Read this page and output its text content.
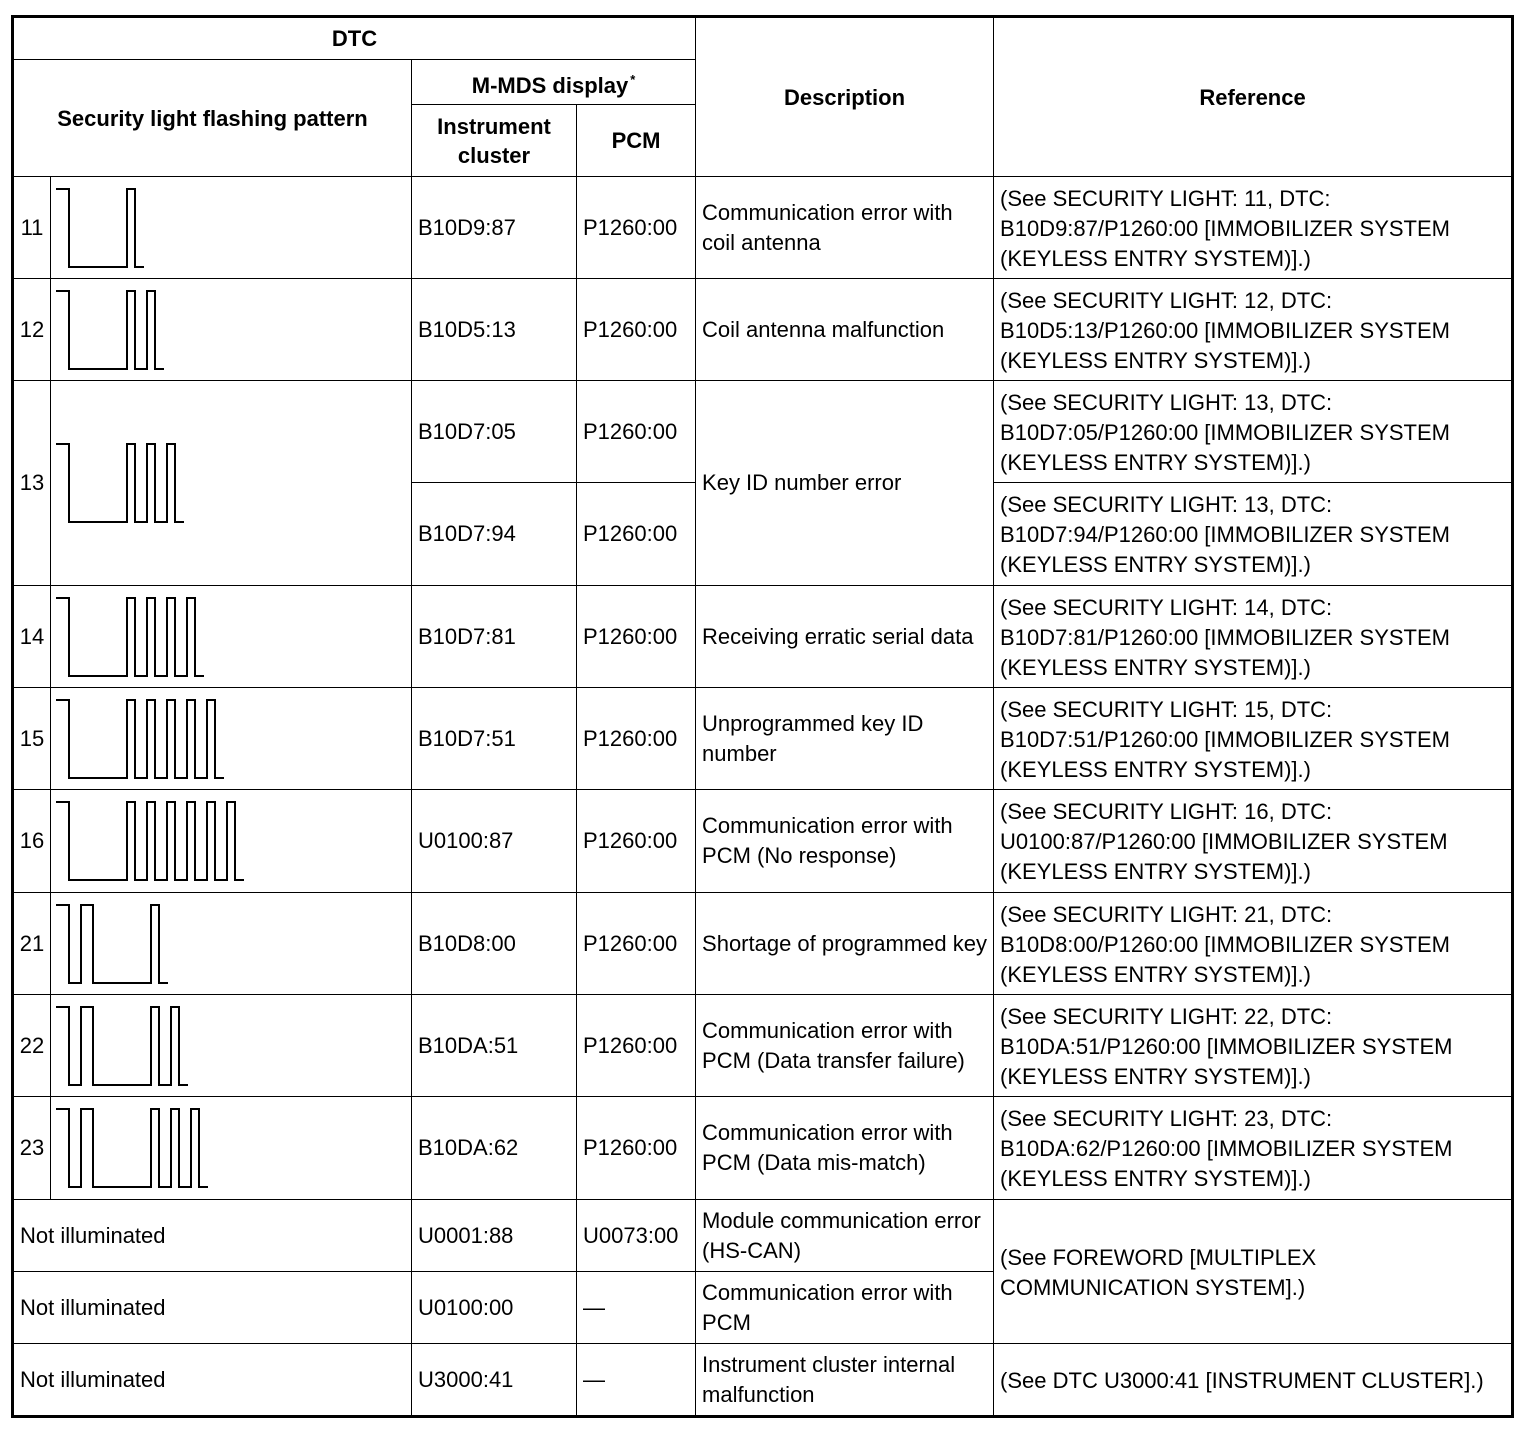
DTC				Description	Reference
Security light flashing pattern		M-MDS display *
		Instrument cluster	PCM		
11		B10D9:87	P1260:00	Communication error with coil antenna	(See SECURITY LIGHT: 11, DTC: B10D9:87/P1260:00 [IMMOBILIZER SYSTEM (KEYLESS ENTRY SYSTEM)].)
12		B10D5:13	P1260:00	Coil antenna malfunction	(See SECURITY LIGHT: 12, DTC: B10D5:13/P1260:00 [IMMOBILIZER SYSTEM (KEYLESS ENTRY SYSTEM)].)
13		B10D7:05	P1260:00	Key ID number error	(See SECURITY LIGHT: 13, DTC: B10D7:05/P1260:00 [IMMOBILIZER SYSTEM (KEYLESS ENTRY SYSTEM)].)
		B10D7:94	P1260:00		(See SECURITY LIGHT: 13, DTC: B10D7:94/P1260:00 [IMMOBILIZER SYSTEM (KEYLESS ENTRY SYSTEM)].)
14		B10D7:81	P1260:00	Receiving erratic serial data	(See SECURITY LIGHT: 14, DTC: B10D7:81/P1260:00 [IMMOBILIZER SYSTEM (KEYLESS ENTRY SYSTEM)].)
15		B10D7:51	P1260:00	Unprogrammed key ID number	(See SECURITY LIGHT: 15, DTC: B10D7:51/P1260:00 [IMMOBILIZER SYSTEM (KEYLESS ENTRY SYSTEM)].)
16		U0100:87	P1260:00	Communication error with PCM (No response)	(See SECURITY LIGHT: 16, DTC: U0100:87/P1260:00 [IMMOBILIZER SYSTEM (KEYLESS ENTRY SYSTEM)].)
21		B10D8:00	P1260:00	Shortage of programmed key	(See SECURITY LIGHT: 21, DTC: B10D8:00/P1260:00 [IMMOBILIZER SYSTEM (KEYLESS ENTRY SYSTEM)].)
22		B10DA:51	P1260:00	Communication error with PCM (Data transfer failure)	(See SECURITY LIGHT: 22, DTC: B10DA:51/P1260:00 [IMMOBILIZER SYSTEM (KEYLESS ENTRY SYSTEM)].)
23		B10DA:62	P1260:00	Communication error with PCM (Data mis-match)	(See SECURITY LIGHT: 23, DTC: B10DA:62/P1260:00 [IMMOBILIZER SYSTEM (KEYLESS ENTRY SYSTEM)].)
Not illuminated		U0001:88	U0073:00	Module communication error (HS-CAN)	(See FOREWORD [MULTIPLEX COMMUNICATION SYSTEM].)
Not illuminated		U0100:00	—	Communication error with PCM	
Not illuminated		U3000:41	—	Instrument cluster internal malfunction	(See DTC U3000:41 [INSTRUMENT CLUSTER].)
